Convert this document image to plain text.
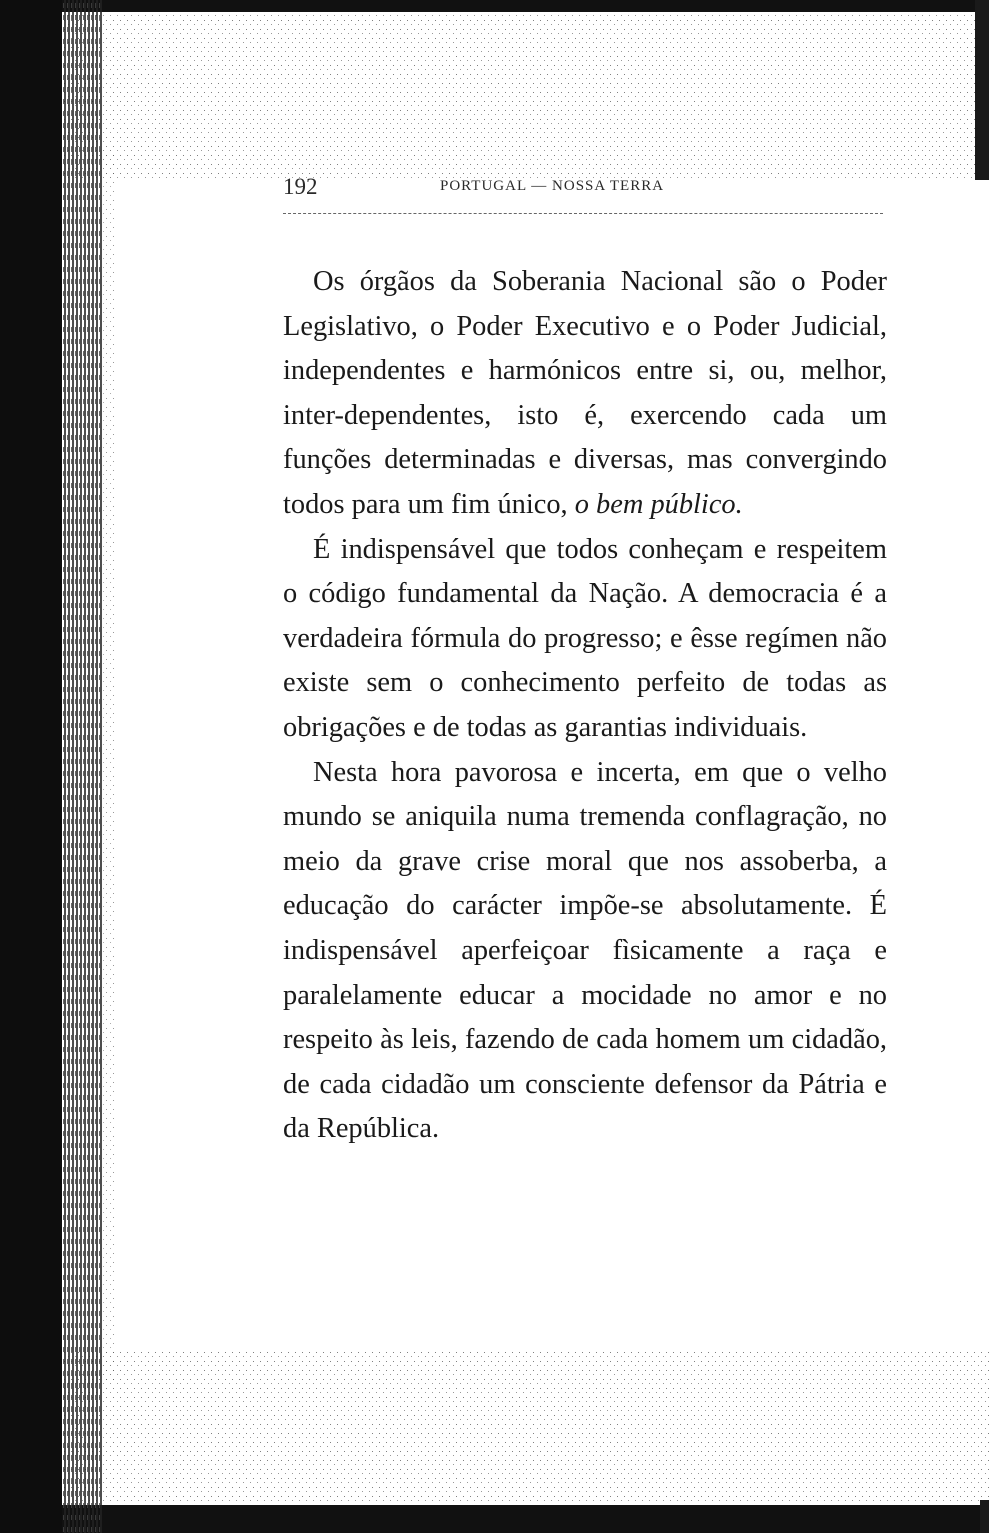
192	PORTUGAL — NOSSA TERRA

Os órgãos da Soberania Nacional são o Poder Legislativo, o Poder Executivo e o Poder Judicial, independentes e harmónicos entre si, ou, melhor, inter-dependentes, isto é, exercendo cada um funções determinadas e diversas, mas convergindo todos para um fim único, o bem público.

É indispensável que todos conheçam e respeitem o código fundamental da Nação. A democracia é a verdadeira fórmula do progresso; e êsse regímen não existe sem o conhecimento perfeito de todas as obrigações e de todas as garantias individuais.

Nesta hora pavorosa e incerta, em que o velho mundo se aniquila numa tremenda conflagração, no meio da grave crise moral que nos assoberba, a educação do carácter impõe-se absolutamente. É indispensável aperfeiçoar fìsicamente a raça e paralelamente educar a mocidade no amor e no respeito às leis, fazendo de cada homem um cidadão, de cada cidadão um consciente defensor da Pátria e da República.
